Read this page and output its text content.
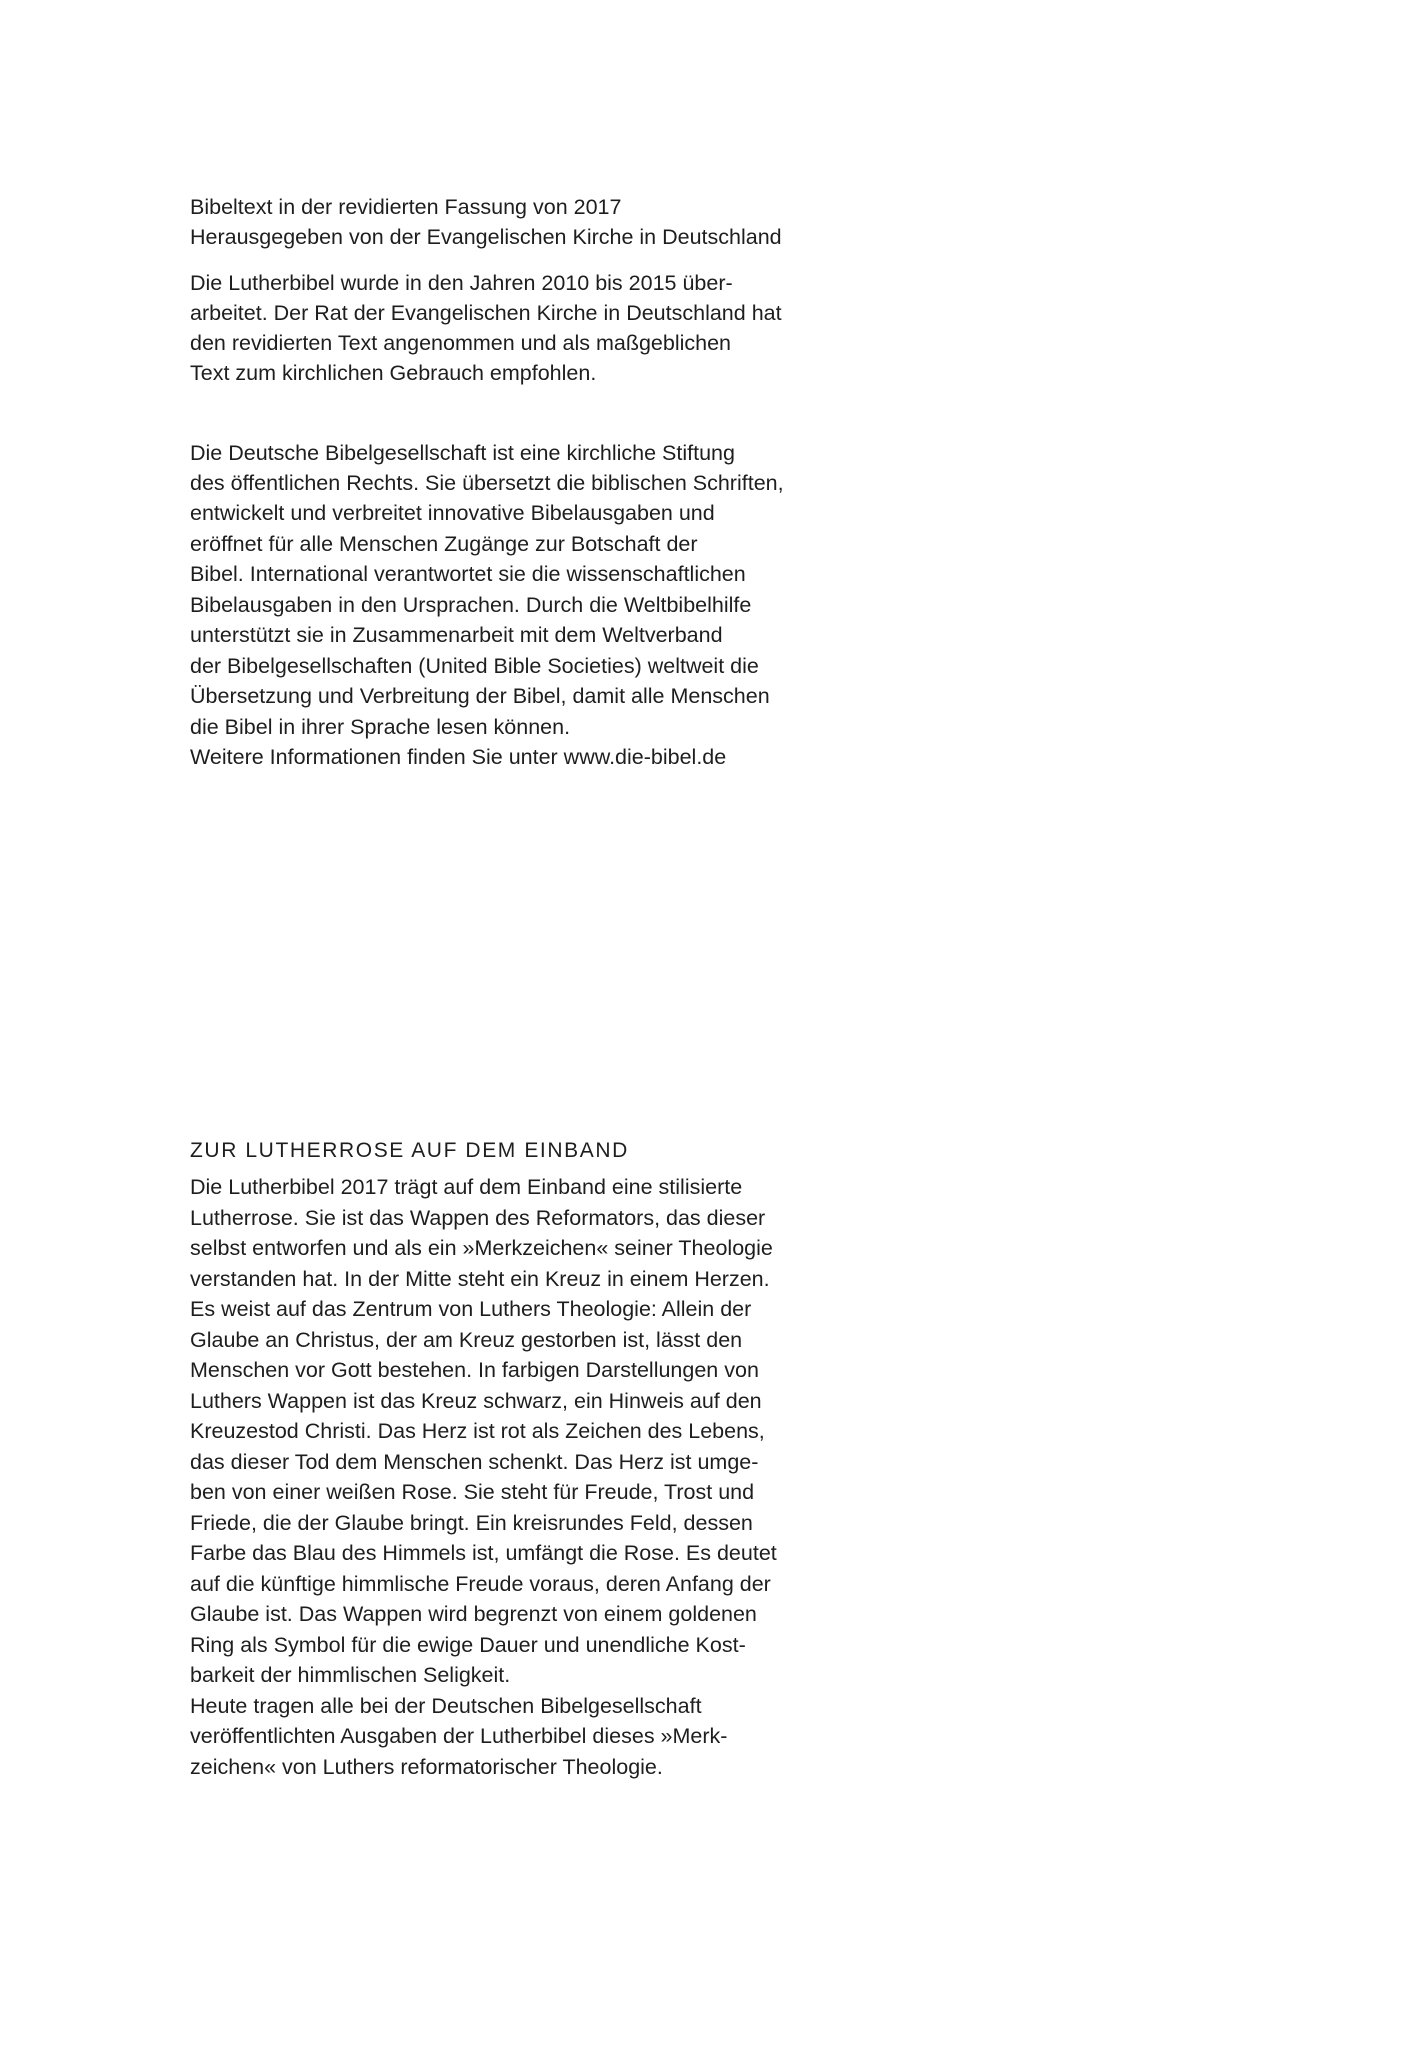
Bibeltext in der revidierten Fassung von 2017
Herausgegeben von der Evangelischen Kirche in Deutschland
Die Lutherbibel wurde in den Jahren 2010 bis 2015 über-
arbeitet. Der Rat der Evangelischen Kirche in Deutschland hat
den revidierten Text angenommen und als maßgeblichen
Text zum kirchlichen Gebrauch empfohlen.
Die Deutsche Bibelgesellschaft ist eine kirchliche Stiftung
des öffentlichen Rechts. Sie übersetzt die biblischen Schriften,
entwickelt und verbreitet innovative Bibelausgaben und
eröffnet für alle Menschen Zugänge zur Botschaft der
Bibel. International verantwortet sie die wissenschaftlichen
Bibelausgaben in den Ursprachen. Durch die Weltbibelhilfe
unterstützt sie in Zusammenarbeit mit dem Weltverband
der Bibelgesellschaften (United Bible Societies) weltweit die
Übersetzung und Verbreitung der Bibel, damit alle Menschen
die Bibel in ihrer Sprache lesen können.
Weitere Informationen finden Sie unter www.die-bibel.de
ZUR LUTHERROSE AUF DEM EINBAND
Die Lutherbibel 2017 trägt auf dem Einband eine stilisierte
Lutherrose. Sie ist das Wappen des Reformators, das dieser
selbst entworfen und als ein »Merkzeichen« seiner Theologie
verstanden hat. In der Mitte steht ein Kreuz in einem Herzen.
Es weist auf das Zentrum von Luthers Theologie: Allein der
Glaube an Christus, der am Kreuz gestorben ist, lässt den
Menschen vor Gott bestehen. In farbigen Darstellungen von
Luthers Wappen ist das Kreuz schwarz, ein Hinweis auf den
Kreuzestod Christi. Das Herz ist rot als Zeichen des Lebens,
das dieser Tod dem Menschen schenkt. Das Herz ist umge-
ben von einer weißen Rose. Sie steht für Freude, Trost und
Friede, die der Glaube bringt. Ein kreisrundes Feld, dessen
Farbe das Blau des Himmels ist, umfängt die Rose. Es deutet
auf die künftige himmlische Freude voraus, deren Anfang der
Glaube ist. Das Wappen wird begrenzt von einem goldenen
Ring als Symbol für die ewige Dauer und unendliche Kost-
barkeit der himmlischen Seligkeit.
Heute tragen alle bei der Deutschen Bibelgesellschaft
veröffentlichten Ausgaben der Lutherbibel dieses »Merk-
zeichen« von Luthers reformatorischer Theologie.
